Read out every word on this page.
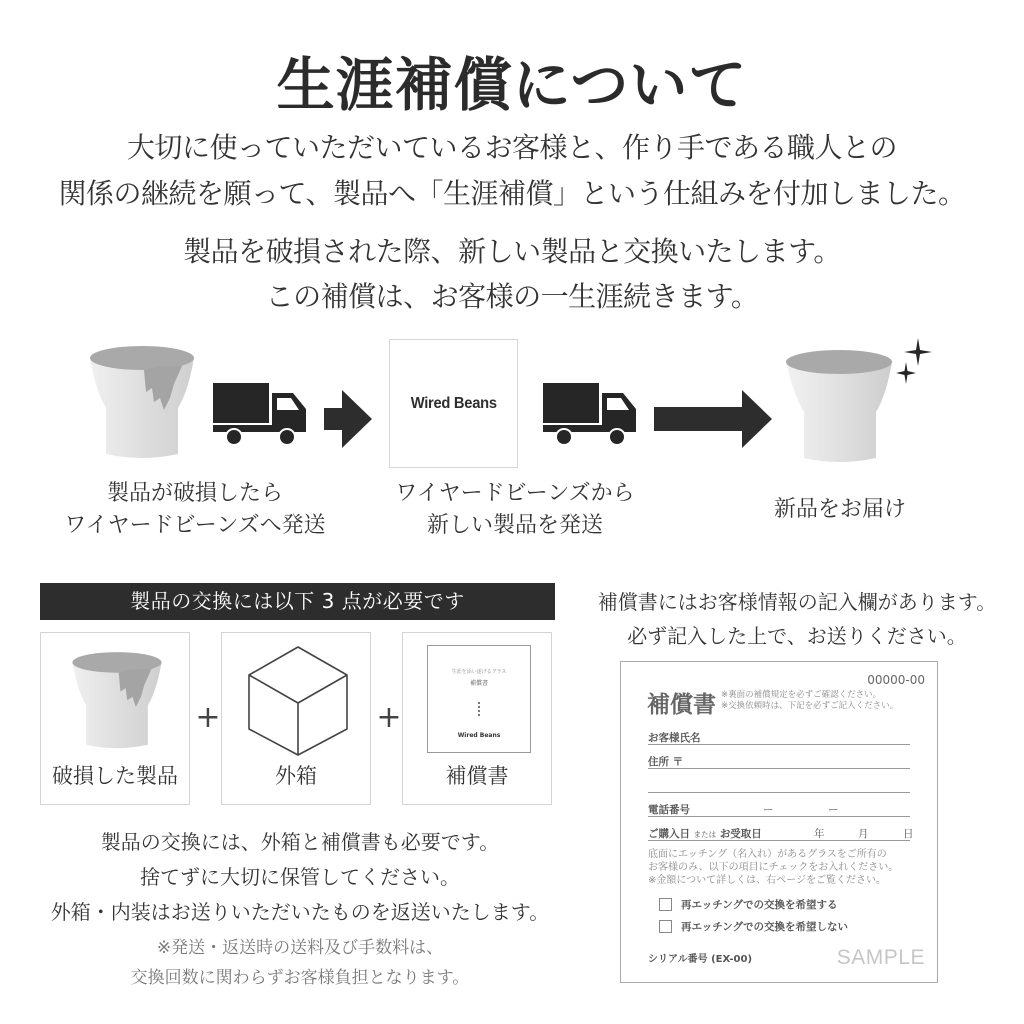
生涯補償について
大切に使っていただいているお客様と、作り手である職人との
関係の継続を願って、製品へ「生涯補償」という仕組みを付加しました。
製品を破損された際、新しい製品と交換いたします。
この補償は、お客様の一生涯続きます。
Wired Beans
製品が破損したら
ワイヤードビーンズへ発送
ワイヤードビーンズから
新しい製品を発送
新品をお届け
製品の交換には以下 3 点が必要です
破損した製品
+
外箱
+
生涯を添い遂げるグラス
補償書
Wired Beans
補償書
製品の交換には、外箱と補償書も必要です。
捨てずに大切に保管してください。
外箱・内装はお送りいただいたものを返送いたします。
※発送・返送時の送料及び手数料は、
交換回数に関わらずお客様負担となります。
補償書にはお客様情報の記入欄があります。
必ず記入した上で、お送りください。
00000-00
補償書 ※裏面の補償規定を必ずご確認ください。
※交換依頼時は、下記を必ずご記入ください。
お客様氏名
住所 〒
電話番号	ー	ー
ご購入日 または お受取日	年	月	日
底面にエッチング（名入れ）があるグラスをご所有の
お客様のみ、以下の項目にチェックをお入れください。
※金額について詳しくは、右ページをご覧ください。
再エッチングでの交換を希望する
再エッチングでの交換を希望しない
シリアル番号 (EX-00)	SAMPLE
